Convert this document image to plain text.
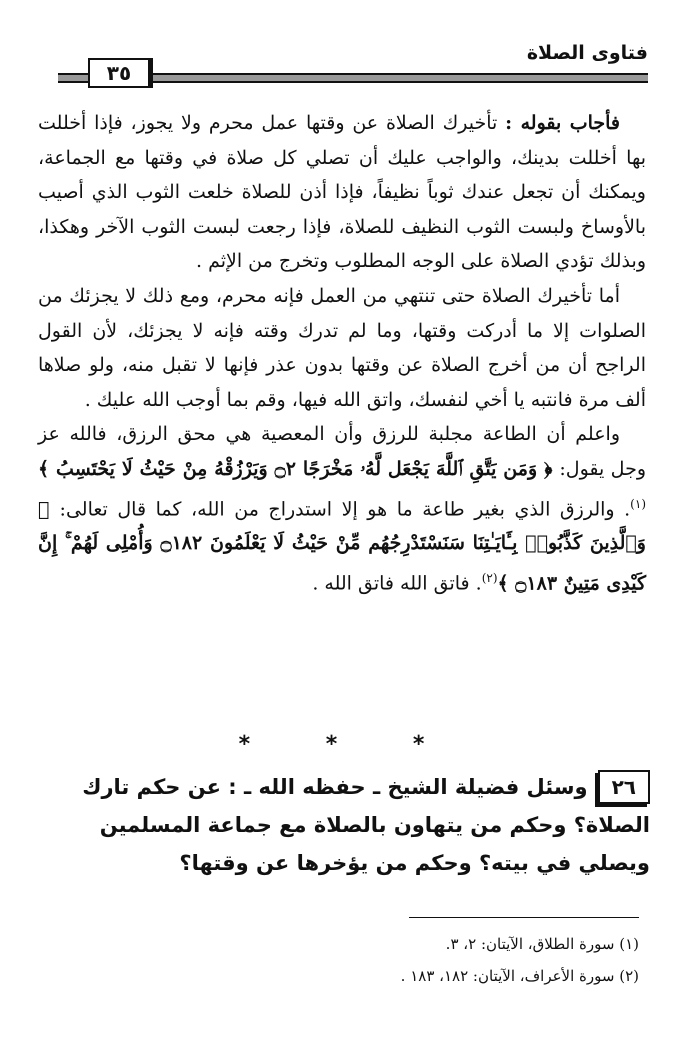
فتاوى الصلاة
٣٥

فأجاب بقوله : تأخيرك الصلاة عن وقتها عمل محرم ولا يجوز، فإذا أخللت بها أخللت بدينك، والواجب عليك أن تصلي كل صلاة في وقتها مع الجماعة، ويمكنك أن تجعل عندك ثوباً نظيفاً، فإذا أذن للصلاة خلعت الثوب الذي أصيب بالأوساخ ولبست الثوب النظيف للصلاة، فإذا رجعت لبست الثوب الآخر وهكذا، وبذلك تؤدي الصلاة على الوجه المطلوب وتخرج من الإثم .

أما تأخيرك الصلاة حتى تنتهي من العمل فإنه محرم، ومع ذلك لا يجزئك من الصلوات إلا ما أدركت وقتها، وما لم تدرك وقته فإنه لا يجزئك، لأن القول الراجح أن من أخرج الصلاة عن وقتها بدون عذر فإنها لا تقبل منه، ولو صلاها ألف مرة فانتبه يا أخي لنفسك، واتق الله فيها، وقم بما أوجب الله عليك .

واعلم أن الطاعة مجلبة للرزق وأن المعصية هي محق الرزق، فالله عز وجل يقول: ﴿ وَمَن يَتَّقِ ٱللَّهَ يَجْعَل لَّهُۥ مَخْرَجًا ۝٢ وَيَرْزُقْهُ مِنْ حَيْثُ لَا يَحْتَسِبُ ﴾$^{(١)}$. والرزق الذي بغير طاعة ما هو إلا استدراج من الله، كما قال تعالى: ﴿ وَٱلَّذِينَ كَذَّبُوا۟ بِـَٔايَـٰتِنَا سَنَسْتَدْرِجُهُم مِّنْ حَيْثُ لَا يَعْلَمُونَ ۝١٨٢ وَأُمْلِى لَهُمْ ۚ إِنَّ كَيْدِى مَتِينٌ ۝١٨٣ ﴾$^{(٢)}$. فاتق الله فاتق الله .

* * *
٢٦وسئل فضيلة الشيخ ـ حفظه الله ـ : عن حكم تارك الصلاة؟ وحكم من يتهاون بالصلاة مع جماعة المسلمين ويصلي في بيته؟ وحكم من يؤخرها عن وقتها؟

(١) سورة الطلاق، الآيتان: ٢، ٣.

(٢) سورة الأعراف، الآيتان: ١٨٢، ١٨٣ .
